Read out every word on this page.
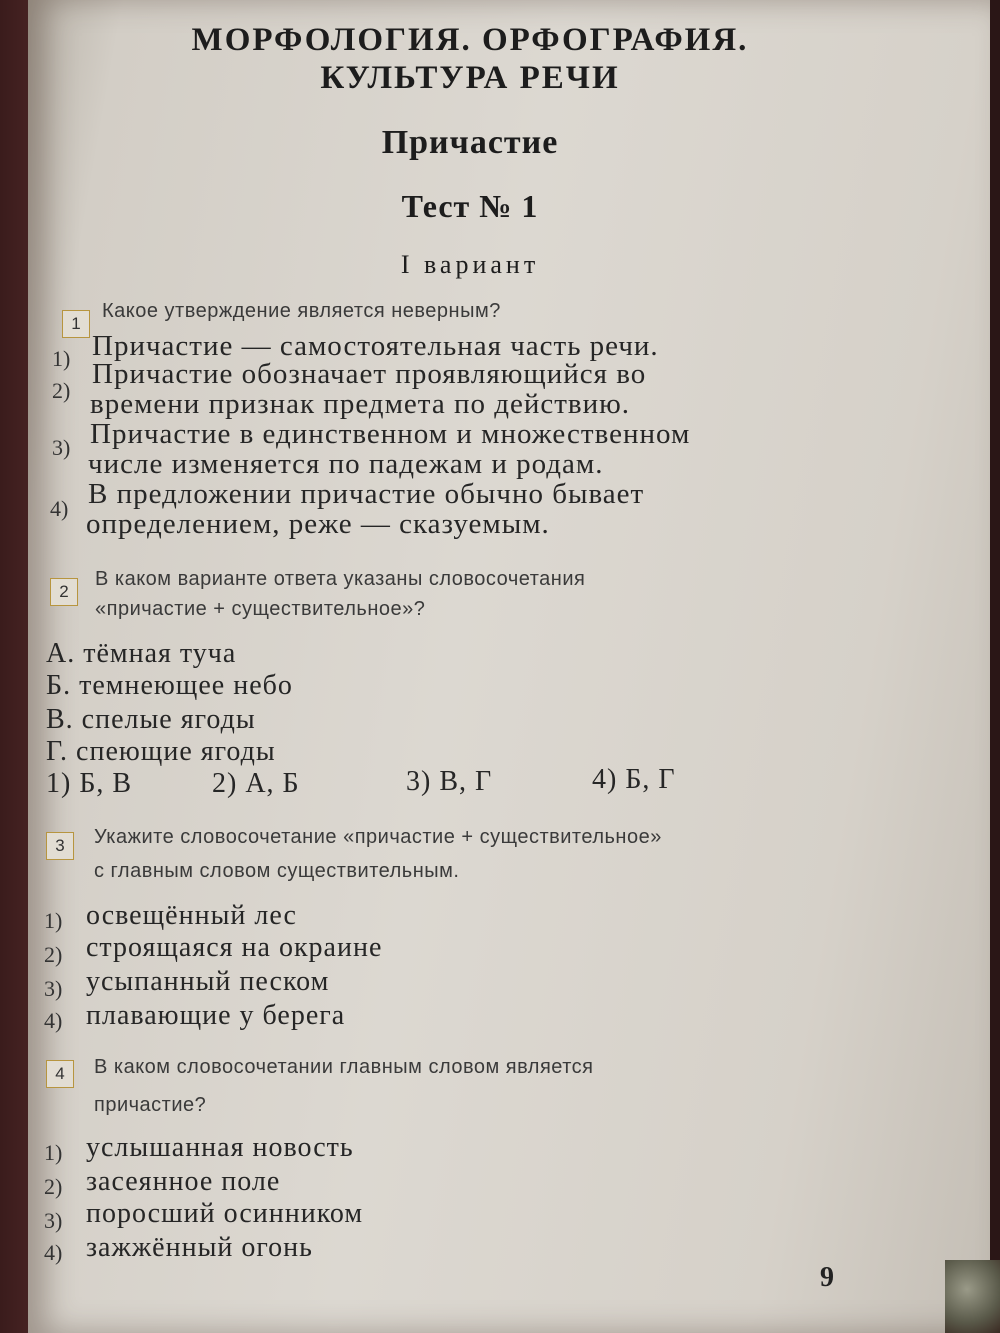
МОРФОЛОГИЯ. ОРФОГРАФИЯ.
КУЛЬТУРА РЕЧИ
Причастие
Тест № 1
I вариант
1
Какое утверждение является неверным?
1) Причастие — самостоятельная часть речи.
2)
Причастие обозначает проявляющийся во
времени признак предмета по действию.
3) Причастие в единственном и множественном
числе изменяется по падежам и родам.
4) В предложении причастие обычно бывает
определением, реже — сказуемым.
2
В каком варианте ответа указаны словосочетания
«причастие + существительное»?
А. тёмная туча
Б. темнеющее небо
В. спелые ягоды
Г. спеющие ягоды
1) Б, В	2) А, Б	3) В, Г	4) Б, Г
3	Укажите словосочетание «причастие + существительное»
с главным словом существительным.
1) освещённый лес
2) строящаяся на окраине
3) усыпанный песком
4) плавающие у берега
4	В каком словосочетании главным словом является
причастие?
1) услышанная новость
2) засеянное поле
3) поросший осинником
4) зажжённый огонь
9
